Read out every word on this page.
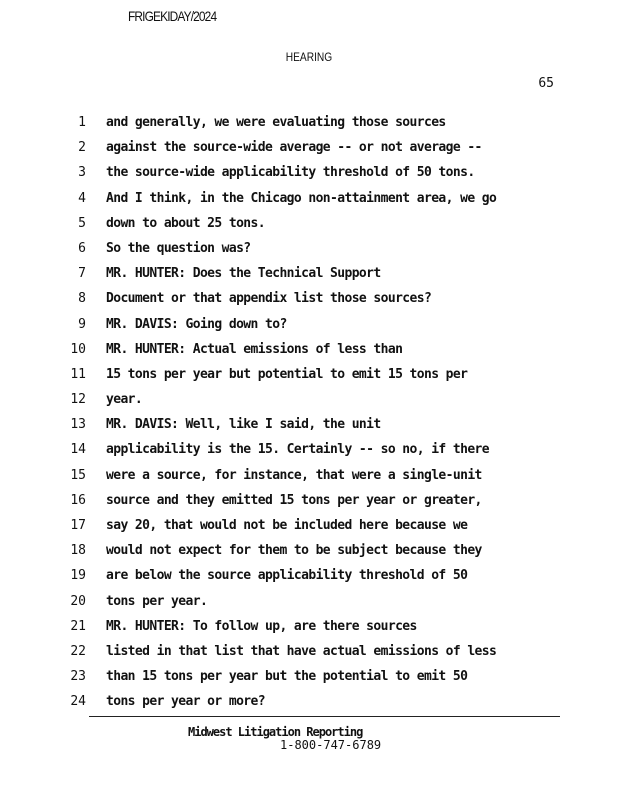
FRIGEKIDAY/2024
HEARING
65
1 and generally, we were evaluating those sources
2 against the source-wide average -- or not average --
3 the source-wide applicability threshold of 50 tons.
4 And I think, in the Chicago non-attainment area, we go
5 down to about 25 tons.
6 So the question was?
7 MR. HUNTER: Does the Technical Support
8 Document or that appendix list those sources?
9 MR. DAVIS: Going down to?
10 MR. HUNTER: Actual emissions of less than
11 15 tons per year but potential to emit 15 tons per
12 year.
13 MR. DAVIS: Well, like I said, the unit
14 applicability is the 15. Certainly -- so no, if there
15 were a source, for instance, that were a single-unit
16 source and they emitted 15 tons per year or greater,
17 say 20, that would not be included here because we
18 would not expect for them to be subject because they
19 are below the source applicability threshold of 50
20 tons per year.
21 MR. HUNTER: To follow up, are there sources
22 listed in that list that have actual emissions of less
23 than 15 tons per year but the potential to emit 50
24 tons per year or more?
Midwest Litigation Reporting
1-800-747-6789
